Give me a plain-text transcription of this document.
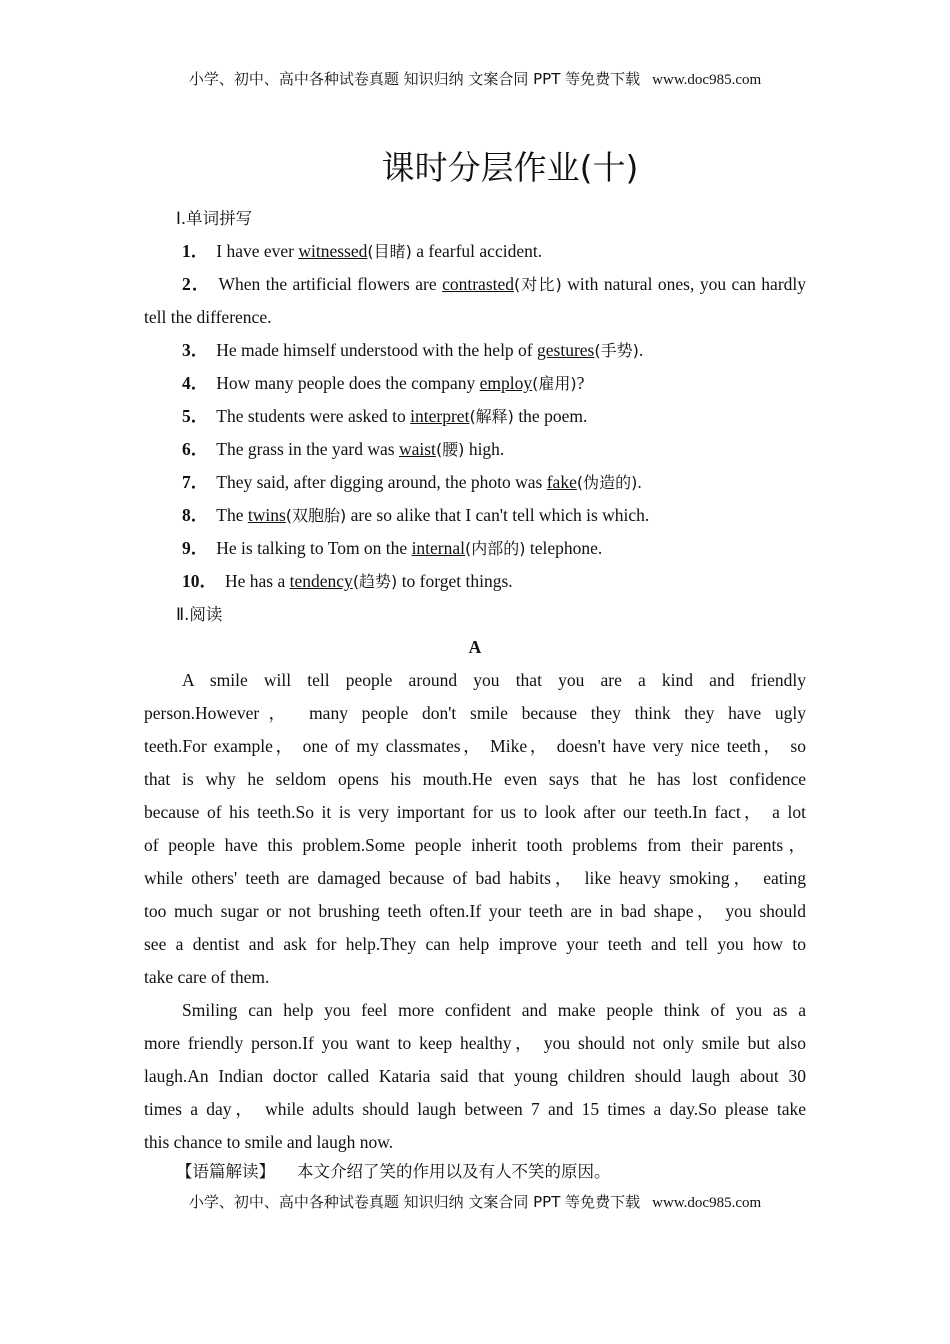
小学、初中、高中各种试卷真题 知识归纳 文案合同 PPT 等免费下载 www.doc985.com
课时分层作业(十)
Ⅰ.单词拼写
1． I have ever witnessed(目睹) a fearful accident.
2． When the artificial flowers are contrasted(对比) with natural ones, you can hardly tell the difference.
3． He made himself understood with the help of gestures(手势).
4． How many people does the company employ(雇用)?
5． The students were asked to interpret(解释) the poem.
6． The grass in the yard was waist(腰) high.
7． They said, after digging around, the photo was fake(伪造的).
8． The twins(双胞胎) are so alike that I can't tell which is which.
9． He is talking to Tom on the internal(内部的) telephone.
10． He has a tendency(趋势) to forget things.
Ⅱ.阅读
A
A smile will tell people around you that you are a kind and friendly
person.However， many people don't smile because they think they have ugly
teeth.For example， one of my classmates， Mike， doesn't have very nice teeth， so
that is why he seldom opens his mouth.He even says that he has lost confidence
because of his teeth.So it is very important for us to look after our teeth.In fact， a lot
of people have this problem.Some people inherit tooth problems from their parents，
while others' teeth are damaged because of bad habits， like heavy smoking， eating
too much sugar or not brushing teeth often.If your teeth are in bad shape， you should
see a dentist and ask for help.They can help improve your teeth and tell you how to
take care of them.
Smiling can help you feel more confident and make people think of you as a
more friendly person.If you want to keep healthy， you should not only smile but also
laugh.An Indian doctor called Kataria said that young children should laugh about 30
times a day， while adults should laugh between 7 and 15 times a day.So please take
this chance to smile and laugh now.
【语篇解读】 本文介绍了笑的作用以及有人不笑的原因。
小学、初中、高中各种试卷真题 知识归纳 文案合同 PPT 等免费下载 www.doc985.com
